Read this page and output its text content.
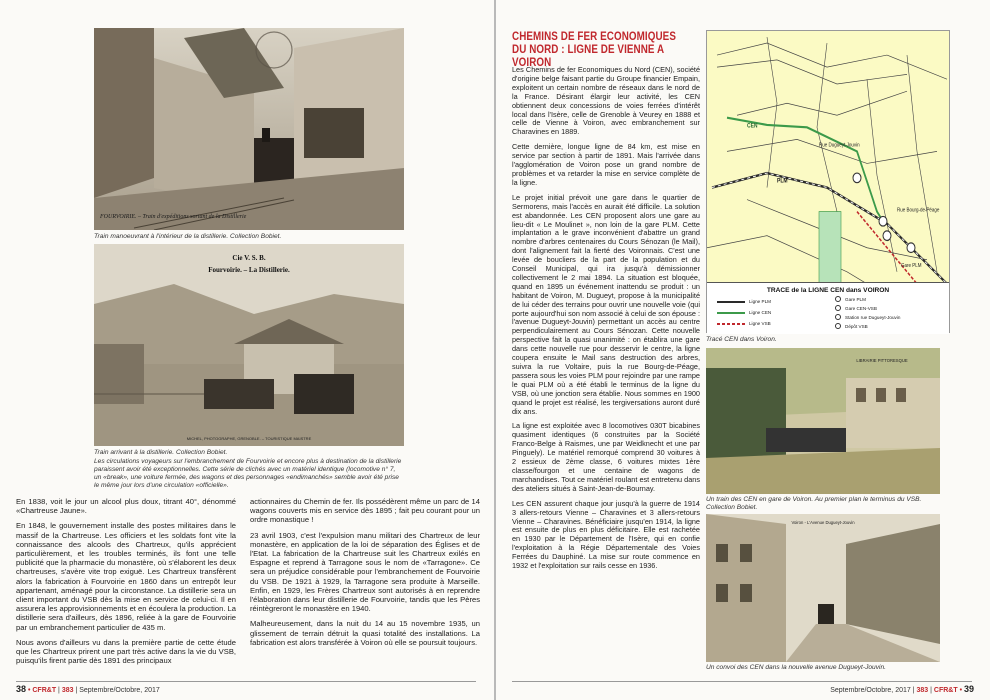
FOURVOIRIE. – Train d'expéditions sortant de la Distillerie
Train manoeuvrant à l'intérieur de la distillerie. Collection Bobiet.
Cie V. S. B.
Fourvoirie. – La Distillerie.
MICHEL, PHOTOGRAPHE, GRENOBLE. – TOURISTIQUE MAISTRE
Train arrivant à la distillerie. Collection Bobiet.
Les circulations voyageurs sur l'embranchement de Fourvoirie et encore plus à destination de la distillerie paraissent avoir été exceptionnelles. Cette série de clichés avec un matériel identique (locomotive n° 7, un «break», une voiture fermée, des wagons et des personnages «endimanchés» semble avoir été prise le même jour lors d'une circulation «officielle».

En 1838, voit le jour un alcool plus doux, titrant 40°, dénommé «Chartreuse Jaune».

En 1848, le gouvernement installe des postes militaires dans le massif de la Chartreuse. Les officiers et les soldats font vite la connaissance des alcools des Chartreux, qu'ils apprécient particulièrement, et les troubles terminés, ils font une telle publicité que la pharmacie du monastère, où s'élaborent les deux chartreuses, s'avère vite trop exiguë. Les Chartreux transfèrent alors la fabrication à Fourvoirie en 1860 dans un entrepôt leur appartenant, aménagé pour la circonstance. La distillerie sera un client important du VSB dès la mise en service de celui-ci. Il en assurera les approvisionnements et en écoulera la production. La distillerie sera d'ailleurs, dès 1896, reliée à la gare de Fourvoirie par un embranchement particulier de 435 m.

Nous avons d'ailleurs vu dans la première partie de cette étude que les Chartreux prirent une part très active dans la vie du VSB, puisqu'ils firent partie dès 1891 des principaux

actionnaires du Chemin de fer. Ils possédèrent même un parc de 14 wagons couverts mis en service dès 1895 ; fait peu courant pour un ordre monastique !

23 avril 1903, c'est l'expulsion manu militari des Chartreux de leur monastère, en application de la loi de séparation des Églises et de l'Etat. La fabrication de la Chartreuse suit les Chartreux exilés en Espagne et reprend à Tarragone sous le nom de «Tarragone». Ce sera un préjudice considérable pour l'embranchement de Fourvoirie du VSB. De 1921 à 1929, la Tarragone sera produite à Marseille. Enfin, en 1929, les Frères Chartreux sont autorisés à en reprendre l'élaboration dans leur distillerie de Fourvoirie, tandis que les Pères réintègreront le monastère en 1940.

Malheureusement, dans la nuit du 14 au 15 novembre 1935, un glissement de terrain détruit la quasi totalité des installations. La fabrication est alors transférée à Voiron où elle se poursuit toujours.

38 • CFR&T | 383 | Septembre/Octobre, 2017
CHEMINS DE FER ECONOMIQUES DU NORD : LIGNE DE VIENNE A VOIRON

Les Chemins de fer Economiques du Nord (CEN), société d'origine belge faisant partie du Groupe financier Empain, exploitent un certain nombre de réseaux dans le nord de la France. Désirant élargir leur activité, les CEN obtiennent deux concessions de voies ferrées d'intérêt local dans l'Isère, celle de Grenoble à Veurey en 1888 et celle de Vienne à Voiron, avec embranchement sur Charavines en 1889.

Cette dernière, longue ligne de 84 km, est mise en service par section à partir de 1891. Mais l'arrivée dans l'agglomération de Voiron pose un grand nombre de problèmes et va retarder la mise en service complète de la ligne.

Le projet initial prévoit une gare dans le quartier de Sermorens, mais l'accès en aurait été difficile. La solution est abandonnée. Les CEN proposent alors une gare au lieu-dit « Le Moulinet », non loin de la gare PLM. Cette implantation a le grave inconvénient d'abattre un grand nombre d'arbres centenaires du Cours Sénozan (le Mail), dont l'alignement fait la fierté des Voironnais. C'est une levée de boucliers de la part de la population et du Conseil Municipal, qui ira jusqu'à démissionner collectivement le 2 mai 1894. La situation est bloquée, quand en 1895 un événement inattendu se produit : un habitant de Voiron, M. Dugueyt, propose à la municipalité de lui céder des terrains pour ouvrir une nouvelle voie (qui porte aujourd'hui son nom associé à celui de son épouse : l'avenue Dugueyt-Jouvin) permettant un accès au centre perpendiculairement au Cours Sénozan. Cette nouvelle perspective fait la quasi unanimité : on établira une gare dans cette nouvelle rue pour desservir le centre, la ligne coupera ensuite le Mail sans destruction des arbres, suivra la rue Voltaire, puis la rue Bourg-de-Péage, passera sous les voies PLM pour rejoindre par une rampe le quai PLM où a été établi le terminus de la ligne du VSB, où une jonction sera établie. Nous sommes en 1900 quand le projet est réalisé, les tergiversations auront duré dix ans.

La ligne est exploitée avec 8 locomotives 030T bicabines quasiment identiques (6 construites par la Société Franco-Belge à Raismes, une par Weidknecht et une par Pinguely). Le matériel remorqué comprend 30 voitures à 2 essieux de 2ème classe, 6 voitures mixtes 1ère classe/fourgon et une centaine de wagons de marchandises. Tout ce matériel roulant est entretenu dans des ateliers situés à Saint-Jean-de-Bournay.

Les CEN assurent chaque jour jusqu'à la guerre de 1914 3 allers-retours Vienne – Charavines et 3 allers-retours Vienne – Charavines. Bénéficiaire jusqu'en 1914, la ligne est ensuite de plus en plus déficitaire. Elle est rachetée en 1930 par le Département de l'Isère, qui en confie l'exploitation à la Régie Départementale des Voies Ferrées du Dauphiné. La mise sur route commence en 1932 et l'exploitation sur rails cesse en 1936.

CEN
PLM
Rue Dugueyt-Jouvin
Rue Bourg-de-Péage
Gare PLM
TRACE de la LIGNE CEN dans VOIRON
Ligne PLM
Ligne CEN
Ligne VSB
Gare PLM
Gare CEN-VSB
Station rue Dugueyt-Jouvin
Dépôt VSB
Tracé CEN dans Voiron.
LIBRAIRIE PITTORESQUE
Un train des CEN en gare de Voiron. Au premier plan le terminus du VSB. Collection Bobiet.
Voiron - L'Avenue Dugueyt-Jouvin
Un convoi des CEN dans la nouvelle avenue Dugueyt-Jouvin.
Septembre/Octobre, 2017 | 383 | CFR&T • 39
